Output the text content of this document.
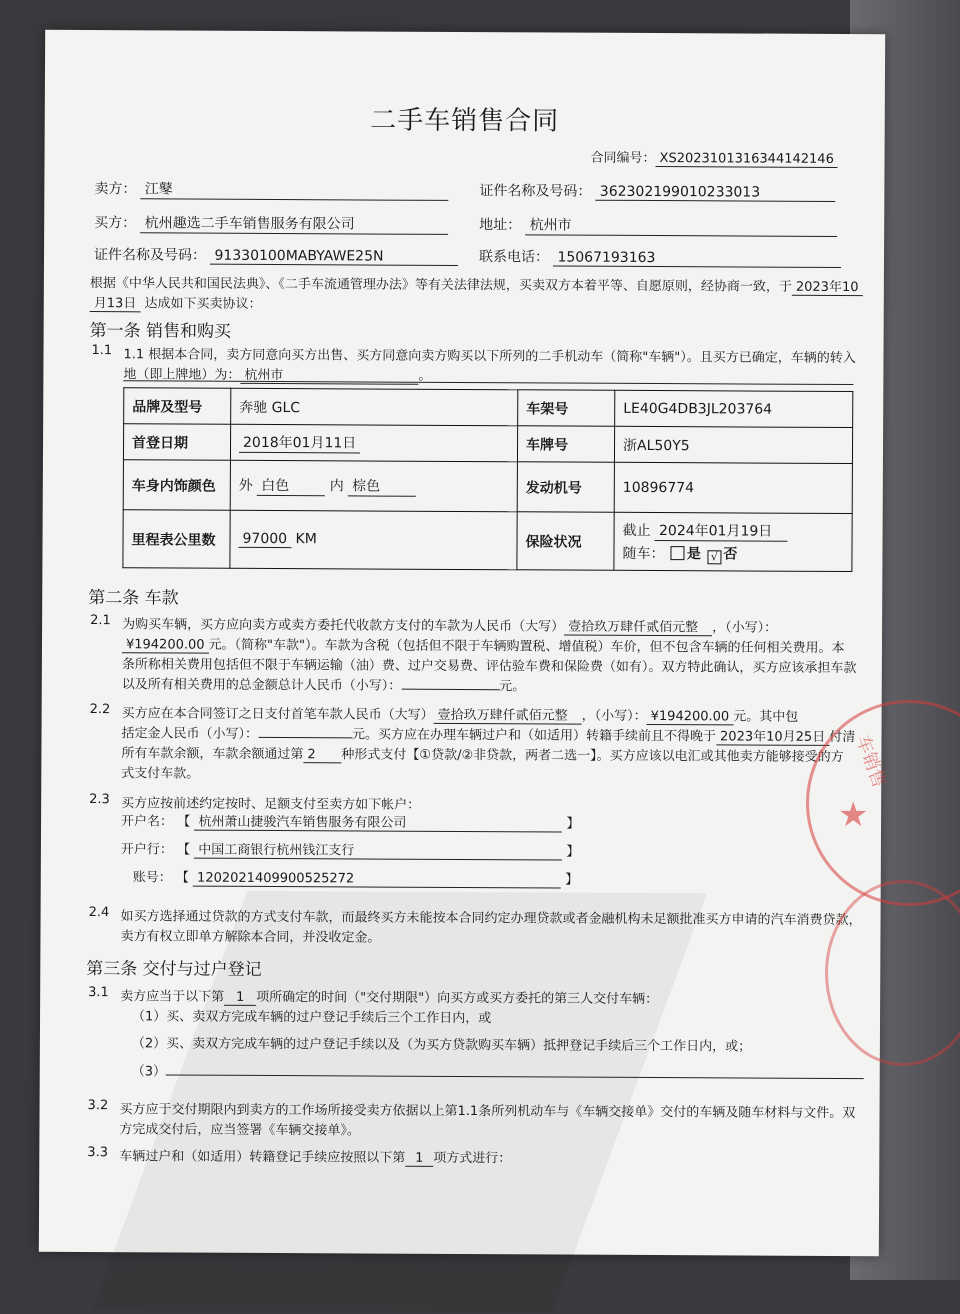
二手车销售合同
合同编号： XS2023101316344142146
卖方： 江鼕	证件名称及号码： 362302199010233013
买方： 杭州趣选二手车销售服务有限公司	地址： 杭州市
证件名称及号码： 91330100MABYAWE25N	联系电话： 15067193163
根据《中华人民共和国民法典》、《二手车流通管理办法》等有关法律法规，买卖双方本着平等、自愿原则，经协商一致，于 2023年10
月13日 达成如下买卖协议：
第一条 销售和购买
1.1 1.1 根据本合同，卖方同意向买方出售、买方同意向卖方购买以下所列的二手机动车（简称"车辆"）。且买方已确定，车辆的转入
地（即上牌地）为： 杭州市	。
品牌及型号	奔驰 GLC	车架号	LE40G4DB3JL203764
首登日期	2018年01月11日	车牌号	浙AL50Y5
车身内饰颜色	外 白色 内 棕色	发动机号	10896774
里程表公里数	97000 KM	保险状况	截止 2024年01月19日
随车： 是 √ 否
第二条 车款
2.1 为购买车辆，买方应向卖方或卖方委托代收款方支付的车款为人民币（大写） 壹拾玖万肆仟贰佰元整 ，（小写）：
¥194200.00 元。（简称"车款"）。车款为含税（包括但不限于车辆购置税、增值税）车价，但不包含车辆的任何相关费用。本
条所称相关费用包括但不限于车辆运输（油）费、过户交易费、评估验车费和保险费（如有）。双方特此确认，买方应该承担车款
以及所有相关费用的总金额总计人民币（小写）：	元。
2.2 买方应在本合同签订之日支付首笔车款人民币（大写） 壹拾玖万肆仟贰佰元整 ，（小写）： ¥194200.00 元。其中包
括定金人民币（小写）：	元。买方应在办理车辆过户和（如适用）转籍手续前且不得晚于 2023年10月25日 付清
所有车款余额，车款余额通过第 2 种形式支付【①贷款/②非贷款，两者二选一】。买方应该以电汇或其他卖方能够接受的方
式支付车款。
2.3 买方应按前述约定按时、足额支付至卖方如下帐户：
开户名： 【 杭州萧山捷骏汽车销售服务有限公司	】
开户行： 【 中国工商银行杭州钱江支行	】
账号： 【 1202021409900525272	】
2.4 如买方选择通过贷款的方式支付车款，而最终买方未能按本合同约定办理贷款或者金融机构未足额批准买方申请的汽车消费贷款，
卖方有权立即单方解除本合同，并没收定金。
第三条 交付与过户登记
3.1 卖方应当于以下第 1 项所确定的时间（"交付期限"）向买方或买方委托的第三人交付车辆：
（1）买、卖双方完成车辆的过户登记手续后三个工作日内，或
（2）买、卖双方完成车辆的过户登记手续以及（为买方贷款购买车辆）抵押登记手续后三个工作日内，或；
（3）
3.2 买方应于交付期限内到卖方的工作场所接受卖方依据以上第1.1条所列机动车与《车辆交接单》交付的车辆及随车材料与文件。双
方完成交付后，应当签署《车辆交接单》。
3.3 车辆过户和（如适用）转籍登记手续应按照以下第 1 项方式进行：
车销售
★
